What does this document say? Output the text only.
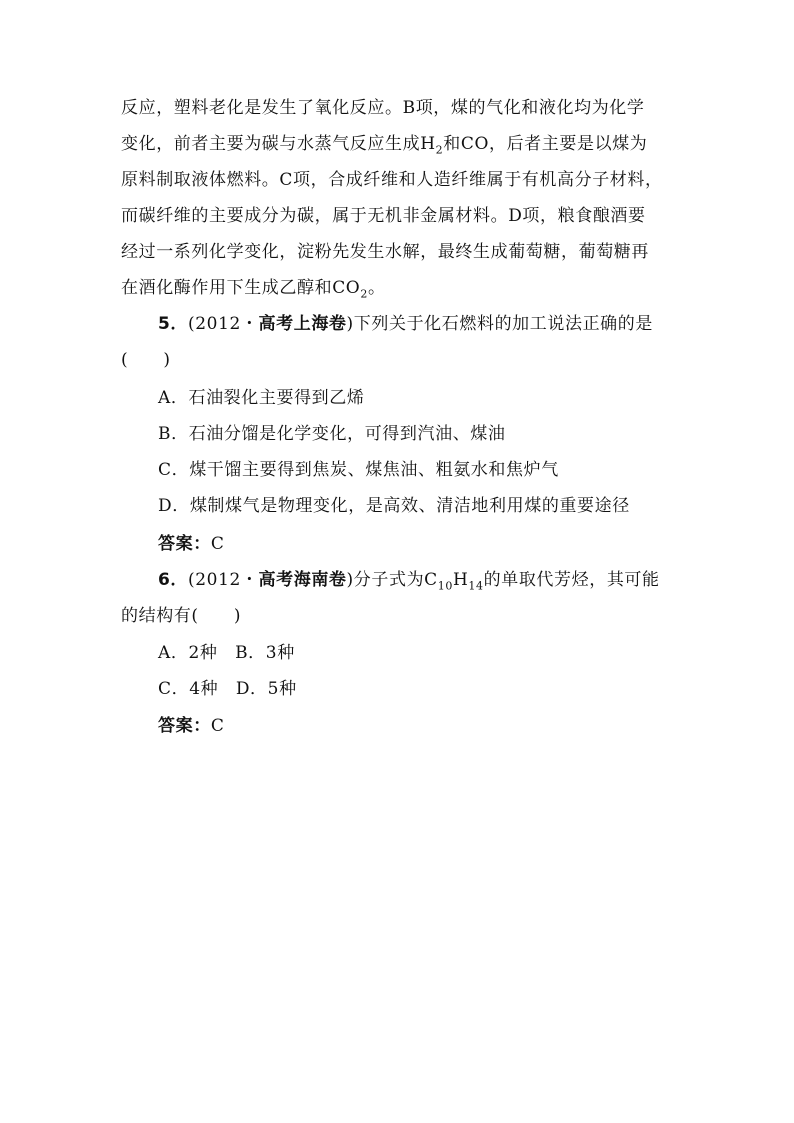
反应，塑料老化是发生了氧化反应。B项，煤的气化和液化均为化学
变化，前者主要为碳与水蒸气反应生成$H_2$和CO，后者主要是以煤为
原料制取液体燃料。C项，合成纤维和人造纤维属于有机高分子材料，
而碳纤维的主要成分为碳，属于无机非金属材料。D项，粮食酿酒要
经过一系列化学变化，淀粉先发生水解，最终生成葡萄糖，葡萄糖再
在酒化酶作用下生成乙醇和$CO_2$。
5．(2012・高考上海卷)下列关于化石燃料的加工说法正确的是
(　　)
A．石油裂化主要得到乙烯
B．石油分馏是化学变化，可得到汽油、煤油
C．煤干馏主要得到焦炭、煤焦油、粗氨水和焦炉气
D．煤制煤气是物理变化，是高效、清洁地利用煤的重要途径
答案：C
6．(2012・高考海南卷)分子式为$C_{10}H_{14}$的单取代芳烃，其可能
的结构有(　　)
A．2种　B．3种
C．4种　D．5种
答案：C
